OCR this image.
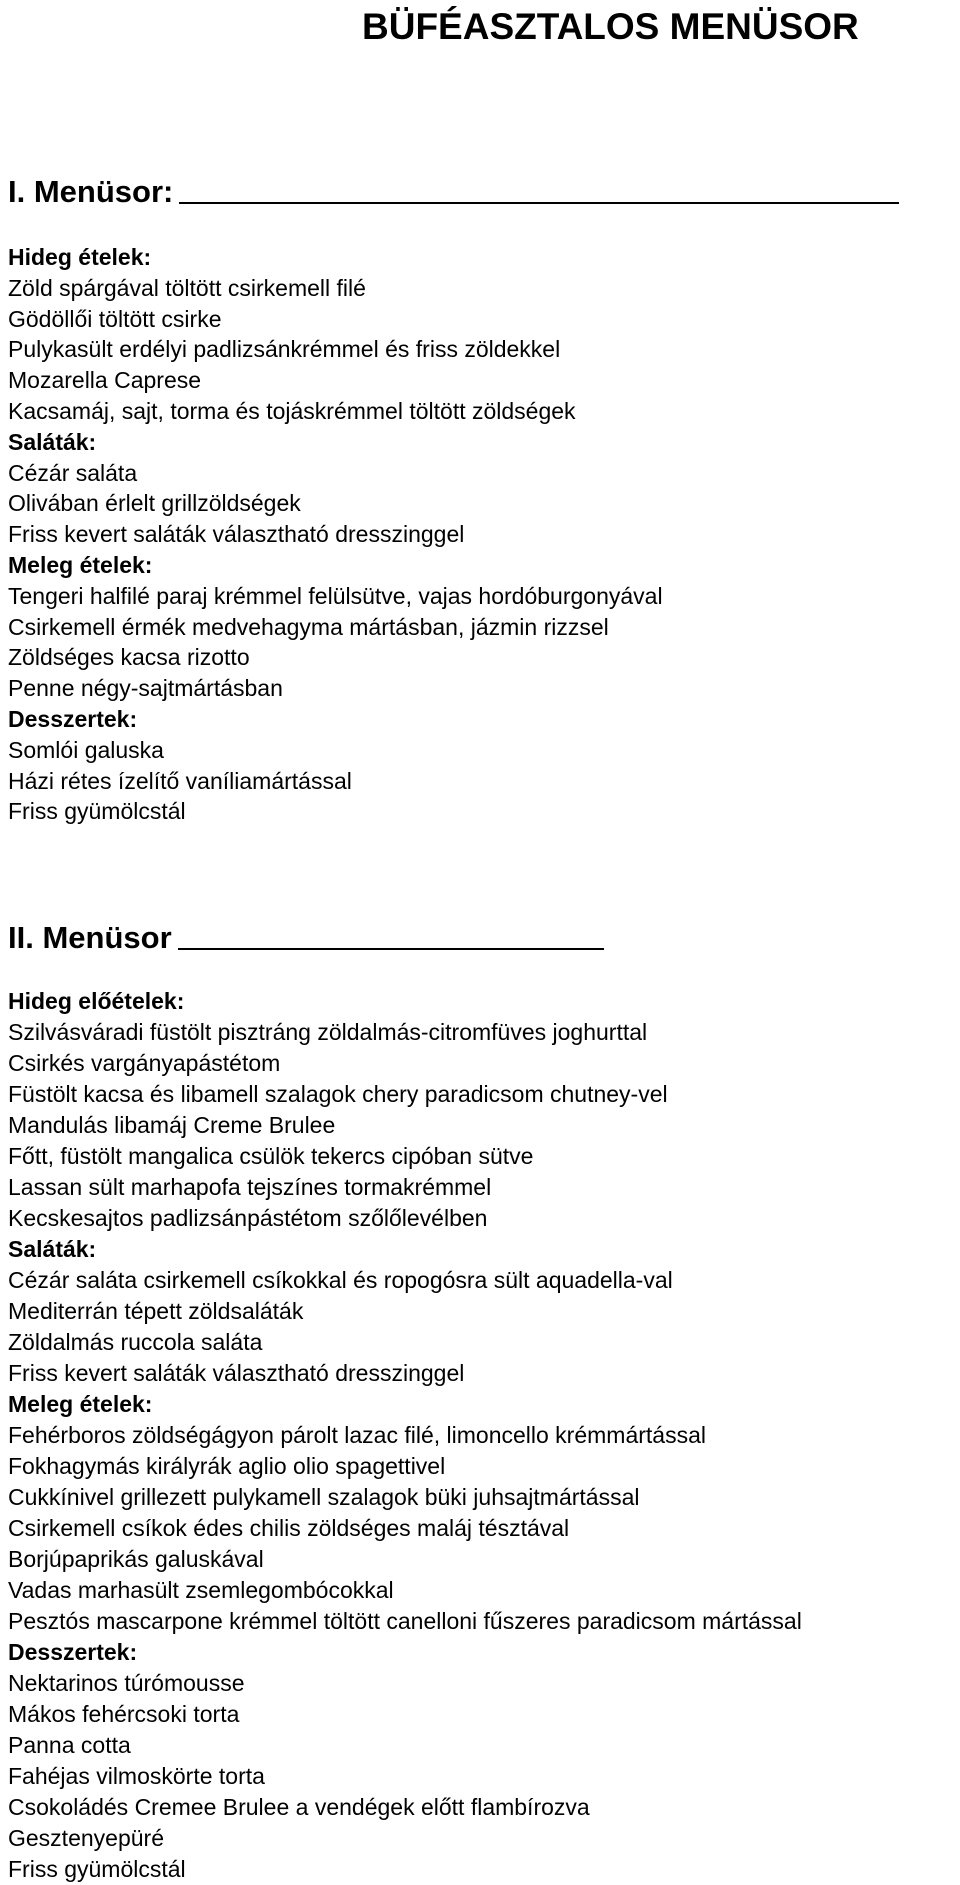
BÜFÉASZTALOS MENÜSOR
I. Menüsor:
Hideg ételek:
Zöld spárgával töltött csirkemell filé
Gödöllői töltött csirke
Pulykasült erdélyi padlizsánkrémmel és friss zöldekkel
Mozarella Caprese
Kacsamáj, sajt, torma és tojáskrémmel töltött zöldségek
Saláták:
Cézár saláta
Olivában érlelt grillzöldségek
Friss kevert saláták választható dresszinggel
Meleg ételek:
Tengeri halfilé paraj krémmel felülsütve, vajas hordóburgonyával
Csirkemell érmék medvehagyma mártásban, jázmin rizzsel
Zöldséges kacsa rizotto
Penne négy-sajtmártásban
Desszertek:
Somlói galuska
Házi rétes ízelítő vaníliamártással
Friss gyümölcstál
II. Menüsor
Hideg előételek:
Szilvásváradi füstölt pisztráng zöldalmás-citromfüves joghurttal
Csirkés vargányapástétom
Füstölt kacsa és libamell szalagok chery paradicsom chutney-vel
Mandulás libamáj Creme Brulee
Főtt, füstölt mangalica csülök tekercs cipóban sütve
Lassan sült marhapofa tejszínes tormakrémmel
Kecskesajtos padlizsánpástétom szőlőlevélben
Saláták:
Cézár saláta csirkemell csíkokkal és ropogósra sült aquadella-val
Mediterrán tépett zöldsaláták
Zöldalmás ruccola saláta
Friss kevert saláták választható dresszinggel
Meleg ételek:
Fehérboros zöldségágyon párolt lazac filé, limoncello krémmártással
Fokhagymás királyrák aglio olio spagettivel
Cukkínivel grillezett pulykamell szalagok büki juhsajtmártással
Csirkemell csíkok édes chilis zöldséges maláj tésztával
Borjúpaprikás galuskával
Vadas marhasült zsemlegombócokkal
Pesztós mascarpone krémmel töltött canelloni fűszeres paradicsom mártással
Desszertek:
Nektarinos túrómousse
Mákos fehércsoki torta
Panna cotta
Fahéjas vilmoskörte torta
Csokoládés Cremee Brulee a vendégek előtt flambírozva
Gesztenyepüré
Friss gyümölcstál
